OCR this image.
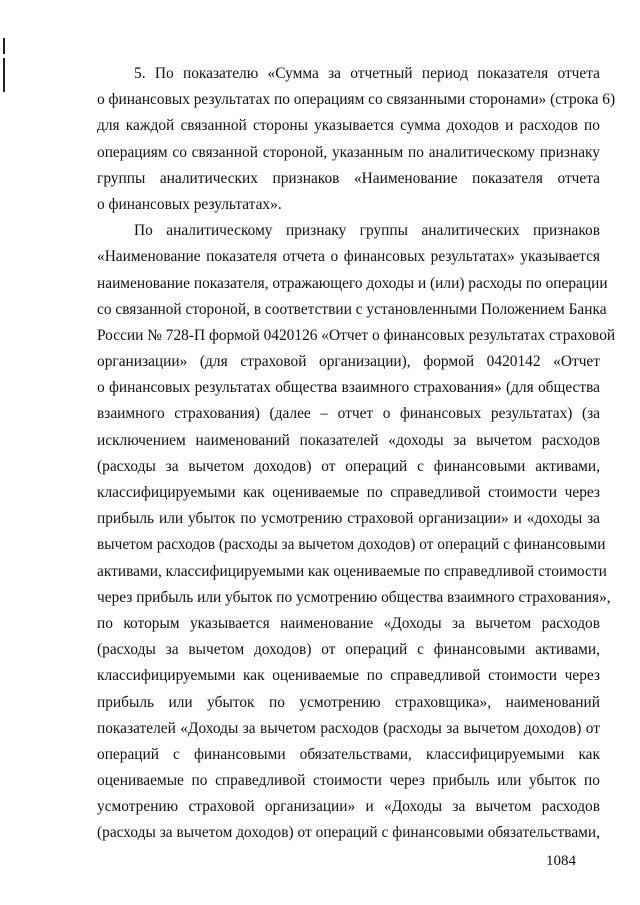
5. По показателю «Сумма за отчетный период показателя отчета
о финансовых результатах по операциям со связанными сторонами» (строка 6)
для каждой связанной стороны указывается сумма доходов и расходов по
операциям со связанной стороной, указанным по аналитическому признаку
группы аналитических признаков «Наименование показателя отчета
о финансовых результатах».
По аналитическому признаку группы аналитических признаков
«Наименование показателя отчета о финансовых результатах» указывается
наименование показателя, отражающего доходы и (или) расходы по операции
со связанной стороной, в соответствии с установленными Положением Банка
России № 728-П формой 0420126 «Отчет о финансовых результатах страховой
организации» (для страховой организации), формой 0420142 «Отчет
о финансовых результатах общества взаимного страхования» (для общества
взаимного страхования) (далее – отчет о финансовых результатах) (за
исключением наименований показателей «доходы за вычетом расходов
(расходы за вычетом доходов) от операций с финансовыми активами,
классифицируемыми как оцениваемые по справедливой стоимости через
прибыль или убыток по усмотрению страховой организации» и «доходы за
вычетом расходов (расходы за вычетом доходов) от операций с финансовыми
активами, классифицируемыми как оцениваемые по справедливой стоимости
через прибыль или убыток по усмотрению общества взаимного страхования»,
по которым указывается наименование «Доходы за вычетом расходов
(расходы за вычетом доходов) от операций с финансовыми активами,
классифицируемыми как оцениваемые по справедливой стоимости через
прибыль или убыток по усмотрению страховщика», наименований
показателей «Доходы за вычетом расходов (расходы за вычетом доходов) от
операций с финансовыми обязательствами, классифицируемыми как
оцениваемые по справедливой стоимости через прибыль или убыток по
усмотрению страховой организации» и «Доходы за вычетом расходов
(расходы за вычетом доходов) от операций с финансовыми обязательствами,
1084
